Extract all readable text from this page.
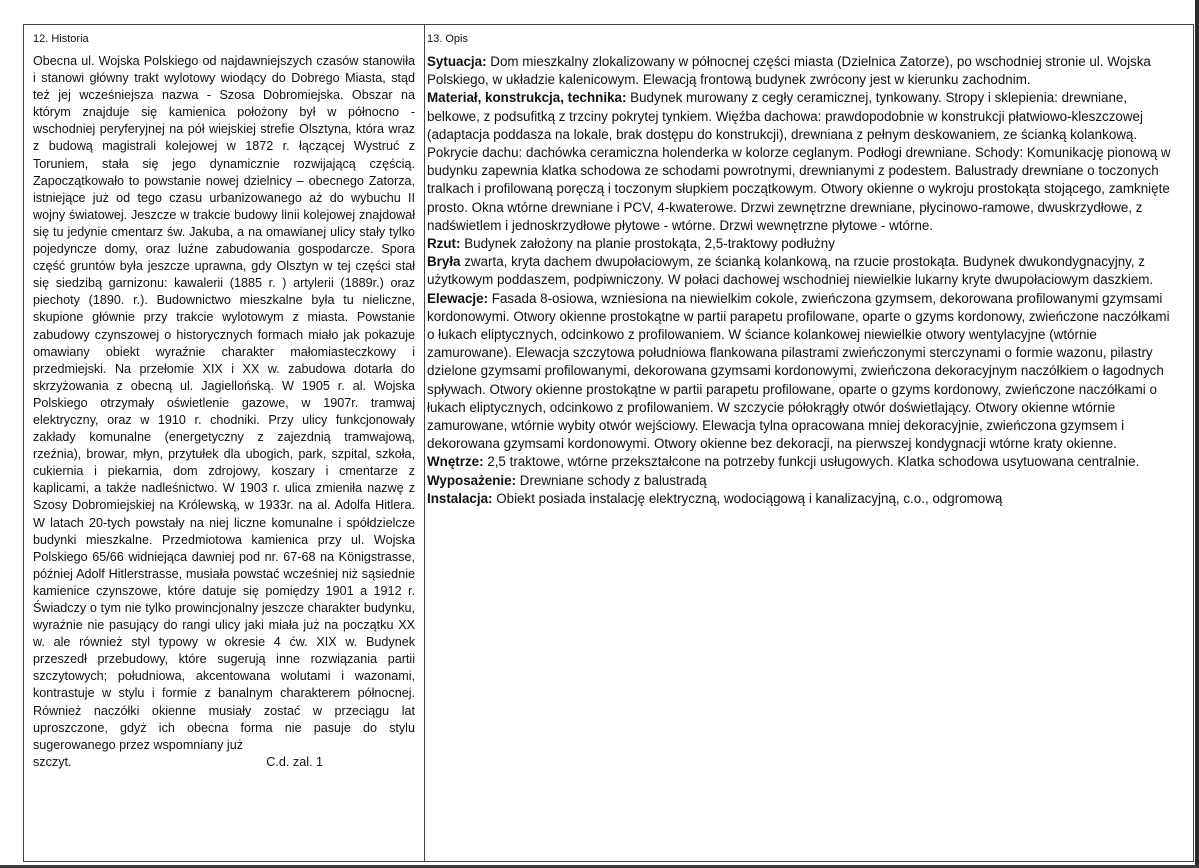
12. Historia

Obecna ul. Wojska Polskiego od najdawniejszych czasów stanowiła i stanowi główny trakt wylotowy wiodący do Dobrego Miasta, stąd też jej wcześniejsza nazwa - Szosa Dobromiejska. Obszar na którym znajduje się kamienica położony był w północno - wschodniej peryferyjnej na pół wiejskiej strefie Olsztyna, która wraz z budową magistrali kolejowej w 1872 r. łączącej Wystruć z Toruniem, stała się jego dynamicznie rozwijającą częścią. Zapoczątkowało to powstanie nowej dzielnicy – obecnego Zatorza, istniejące już od tego czasu urbanizowanego aż do wybuchu II wojny światowej. Jeszcze w trakcie budowy linii kolejowej znajdował się tu jedynie cmentarz św. Jakuba, a na omawianej ulicy stały tylko pojedyncze domy, oraz luźne zabudowania gospodarcze. Spora część gruntów była jeszcze uprawna, gdy Olsztyn w tej części stał się siedzibą garnizonu: kawalerii (1885 r. ) artylerii (1889r.) oraz piechoty (1890. r.). Budownictwo mieszkalne była tu nieliczne, skupione głównie przy trakcie wylotowym z miasta. Powstanie zabudowy czynszowej o historycznych formach miało jak pokazuje omawiany obiekt wyraźnie charakter małomiasteczkowy i przedmiejski. Na przełomie XIX i XX w. zabudowa dotarła do skrzyżowania z obecną ul. Jagiellońską. W 1905 r. al. Wojska Polskiego otrzymały oświetlenie gazowe, w 1907r. tramwaj elektryczny, oraz w 1910 r. chodniki. Przy ulicy funkcjonowały zakłady komunalne (energetyczny z zajezdnią tramwajową, rzeźnia), browar, młyn, przytułek dla ubogich, park, szpital, szkoła, cukiernia i piekarnia, dom zdrojowy, koszary i cmentarze z kaplicami, a także nadleśnictwo. W 1903 r. ulica zmieniła nazwę z Szosy Dobromiejskiej na Królewską, w 1933r. na al. Adolfa Hitlera. W latach 20-tych powstały na niej liczne komunalne i spółdzielcze budynki mieszkalne. Przedmiotowa kamienica przy ul. Wojska Polskiego 65/66 widniejąca dawniej pod nr. 67-68 na Königstrasse, później Adolf Hitlerstrasse, musiała powstać wcześniej niż sąsiednie kamienice czynszowe, które datuje się pomiędzy 1901 a 1912 r. Świadczy o tym nie tylko prowincjonalny jeszcze charakter budynku, wyraźnie nie pasujący do rangi ulicy jaki miała już na początku XX w. ale również styl typowy w okresie 4 ćw. XIX w. Budynek przeszedł przebudowy, które sugerują inne rozwiązania partii szczytowych; południowa, akcentowana wolutami i wazonami, kontrastuje w stylu i formie z banalnym charakterem północnej. Również naczółki okienne musiały zostać w przeciągu lat uproszczone, gdyż ich obecna forma nie pasuje do stylu sugerowanego przez wspomniany już

szczyt.	C.d. zal. 1
13. Opis

Sytuacja: Dom mieszkalny zlokalizowany w północnej części miasta (Dzielnica Zatorze), po wschodniej stronie ul. Wojska Polskiego, w układzie kalenicowym. Elewacją frontową budynek zwrócony jest w kierunku zachodnim.

Materiał, konstrukcja, technika: Budynek murowany z cegły ceramicznej, tynkowany. Stropy i sklepienia: drewniane, belkowe, z podsufitką z trzciny pokrytej tynkiem. Więźba dachowa: prawdopodobnie w konstrukcji płatwiowo-kleszczowej (adaptacja poddasza na lokale, brak dostępu do konstrukcji), drewniana z pełnym deskowaniem, ze ścianką kolankową. Pokrycie dachu: dachówka ceramiczna holenderka w kolorze ceglanym. Podłogi drewniane. Schody: Komunikację pionową w budynku zapewnia klatka schodowa ze schodami powrotnymi, drewnianymi z podestem. Balustrady drewniane o toczonych tralkach i profilowaną poręczą i toczonym słupkiem początkowym. Otwory okienne o wykroju prostokąta stojącego, zamknięte prosto. Okna wtórne drewniane i PCV, 4-kwaterowe. Drzwi zewnętrzne drewniane, płycinowo-ramowe, dwuskrzydłowe, z nadświetlem i jednoskrzydłowe płytowe - wtórne. Drzwi wewnętrzne płytowe - wtórne.

Rzut: Budynek założony na planie prostokąta, 2,5-traktowy podłużny

Bryła zwarta, kryta dachem dwupołaciowym, ze ścianką kolankową, na rzucie prostokąta. Budynek dwukondygnacyjny, z użytkowym poddaszem, podpiwniczony. W połaci dachowej wschodniej niewielkie lukarny kryte dwupołaciowym daszkiem.

Elewacje: Fasada 8-osiowa, wzniesiona na niewielkim cokole, zwieńczona gzymsem, dekorowana profilowanymi gzymsami kordonowymi. Otwory okienne prostokątne w partii parapetu profilowane, oparte o gzyms kordonowy, zwieńczone naczółkami o łukach eliptycznych, odcinkowo z profilowaniem. W ściance kolankowej niewielkie otwory wentylacyjne (wtórnie zamurowane). Elewacja szczytowa południowa flankowana pilastrami zwieńczonymi sterczynami o formie wazonu, pilastry dzielone gzymsami profilowanymi, dekorowana gzymsami kordonowymi, zwieńczona dekoracyjnym naczółkiem o łagodnych spływach. Otwory okienne prostokątne w partii parapetu profilowane, oparte o gzyms kordonowy, zwieńczone naczółkami o łukach eliptycznych, odcinkowo z profilowaniem. W szczycie półokrągły otwór doświetlający. Otwory okienne wtórnie zamurowane, wtórnie wybity otwór wejściowy. Elewacja tylna opracowana mniej dekoracyjnie, zwieńczona gzymsem i dekorowana gzymsami kordonowymi. Otwory okienne bez dekoracji, na pierwszej kondygnacji wtórne kraty okienne.

Wnętrze: 2,5 traktowe, wtórne przekształcone na potrzeby funkcji usługowych. Klatka schodowa usytuowana centralnie.

Wyposażenie: Drewniane schody z balustradą

Instalacja: Obiekt posiada instalację elektryczną, wodociągową i kanalizacyjną, c.o., odgromową
